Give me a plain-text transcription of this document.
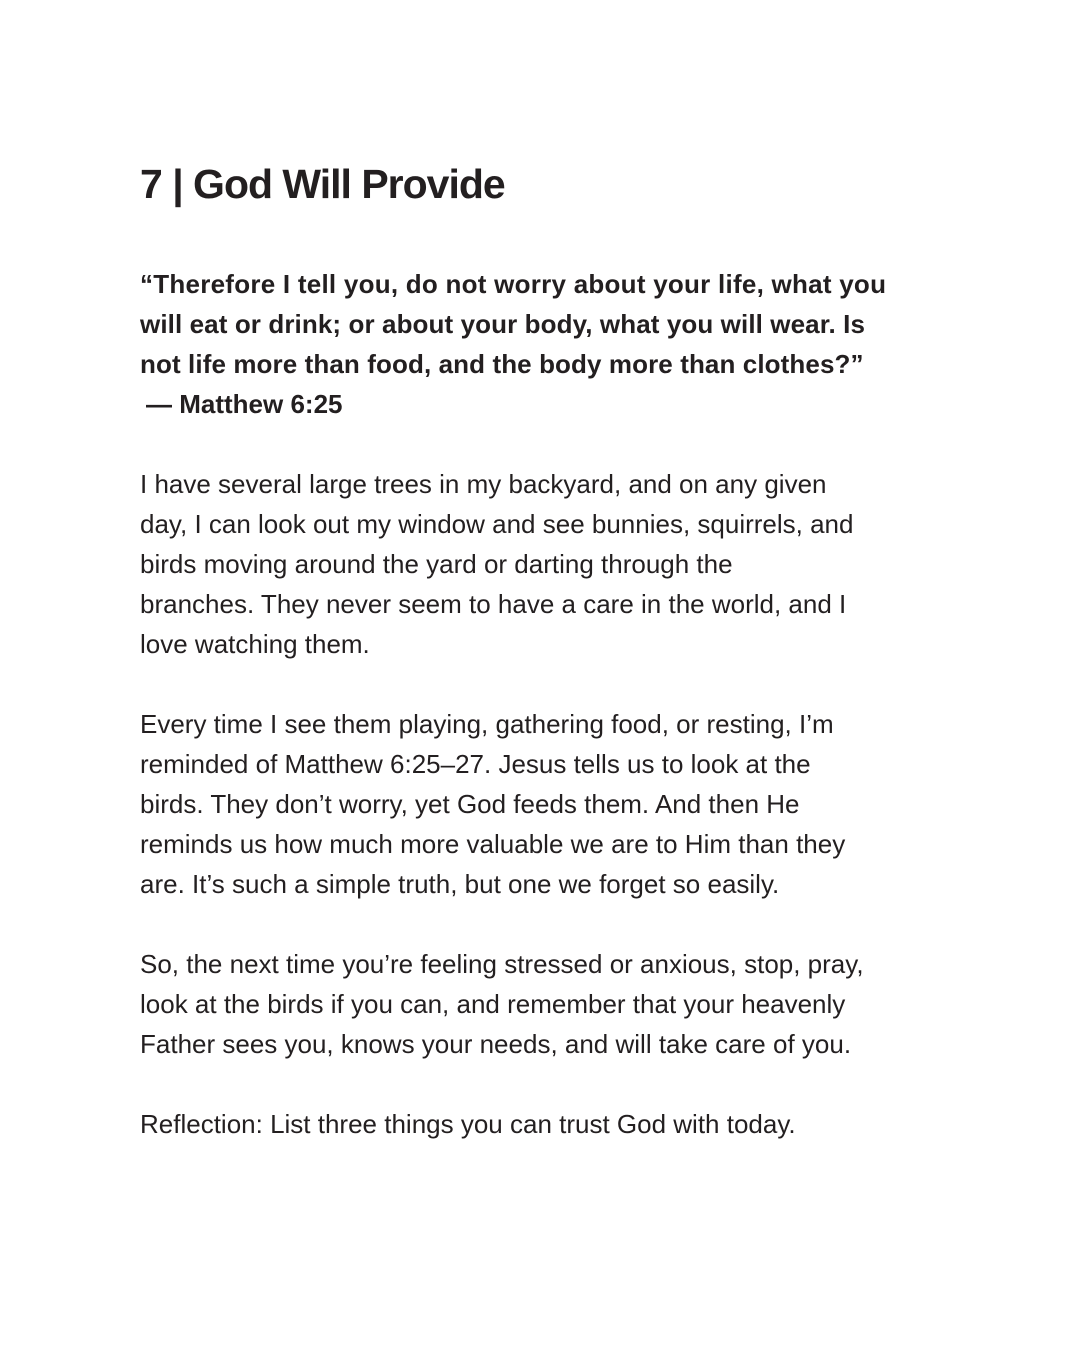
7 | God Will Provide

“Therefore I tell you, do not worry about your life, what you
will eat or drink; or about your body, what you will wear. Is
not life more than food, and the body more than clothes?”
— Matthew 6:25

I have several large trees in my backyard, and on any given
day, I can look out my window and see bunnies, squirrels, and
birds moving around the yard or darting through the
branches. They never seem to have a care in the world, and I
love watching them.

Every time I see them playing, gathering food, or resting, I’m
reminded of Matthew 6:25–27. Jesus tells us to look at the
birds. They don’t worry, yet God feeds them. And then He
reminds us how much more valuable we are to Him than they
are. It’s such a simple truth, but one we forget so easily.

So, the next time you’re feeling stressed or anxious, stop, pray,
look at the birds if you can, and remember that your heavenly
Father sees you, knows your needs, and will take care of you.

Reflection: List three things you can trust God with today.
